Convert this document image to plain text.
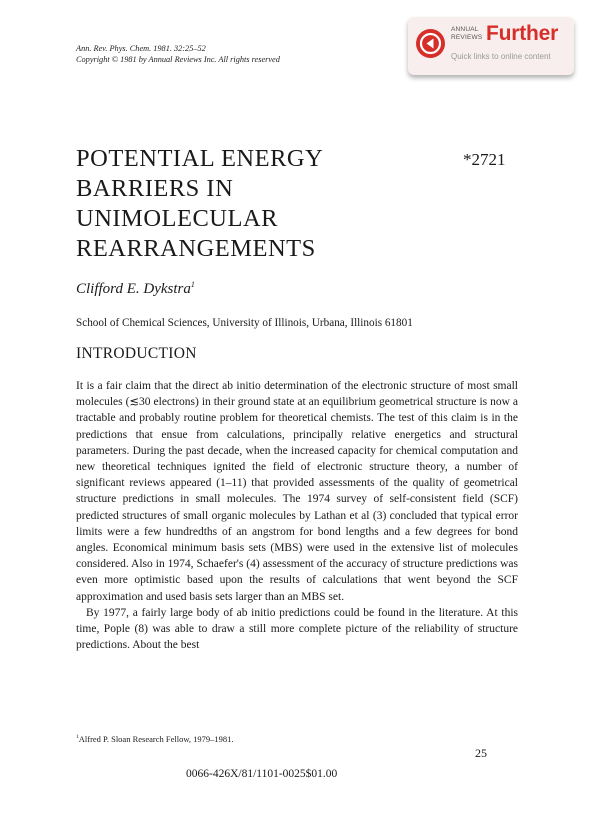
Ann. Rev. Phys. Chem. 1981. 32:25–52
Copyright © 1981 by Annual Reviews Inc. All rights reserved
ANNUAL
REVIEWS Further
Quick links to online content
POTENTIAL ENERGY
BARRIERS IN
UNIMOLECULAR
REARRANGEMENTS
*2721
Clifford E. Dykstra$^1$
School of Chemical Sciences, University of Illinois, Urbana, Illinois 61801
INTRODUCTION

It is a fair claim that the direct ab initio determination of the electronic structure of most small molecules (≲30 electrons) in their ground state at an equilibrium geometrical structure is now a tractable and probably routine problem for theoretical chemists. The test of this claim is in the predictions that ensue from calculations, principally relative energetics and structural parameters. During the past decade, when the increased capacity for chemical computation and new theoretical techniques ignited the field of electronic structure theory, a number of significant reviews appeared (1–11) that provided assessments of the quality of geometrical structure predictions in small molecules. The 1974 survey of self-consistent field (SCF) predicted structures of small organic molecules by Lathan et al (3) concluded that typical error limits were a few hundredths of an angstrom for bond lengths and a few degrees for bond angles. Economical minimum basis sets (MBS) were used in the extensive list of molecules considered. Also in 1974, Schaefer's (4) assessment of the accuracy of structure predictions was even more optimistic based upon the results of calculations that went beyond the SCF approximation and used basis sets larger than an MBS set.

By 1977, a fairly large body of ab initio predictions could be found in the literature. At this time, Pople (8) was able to draw a still more complete picture of the reliability of structure predictions. About the best

$^1$Alfred P. Sloan Research Fellow, 1979–1981.
25
0066-426X/81/1101-0025$01.00
